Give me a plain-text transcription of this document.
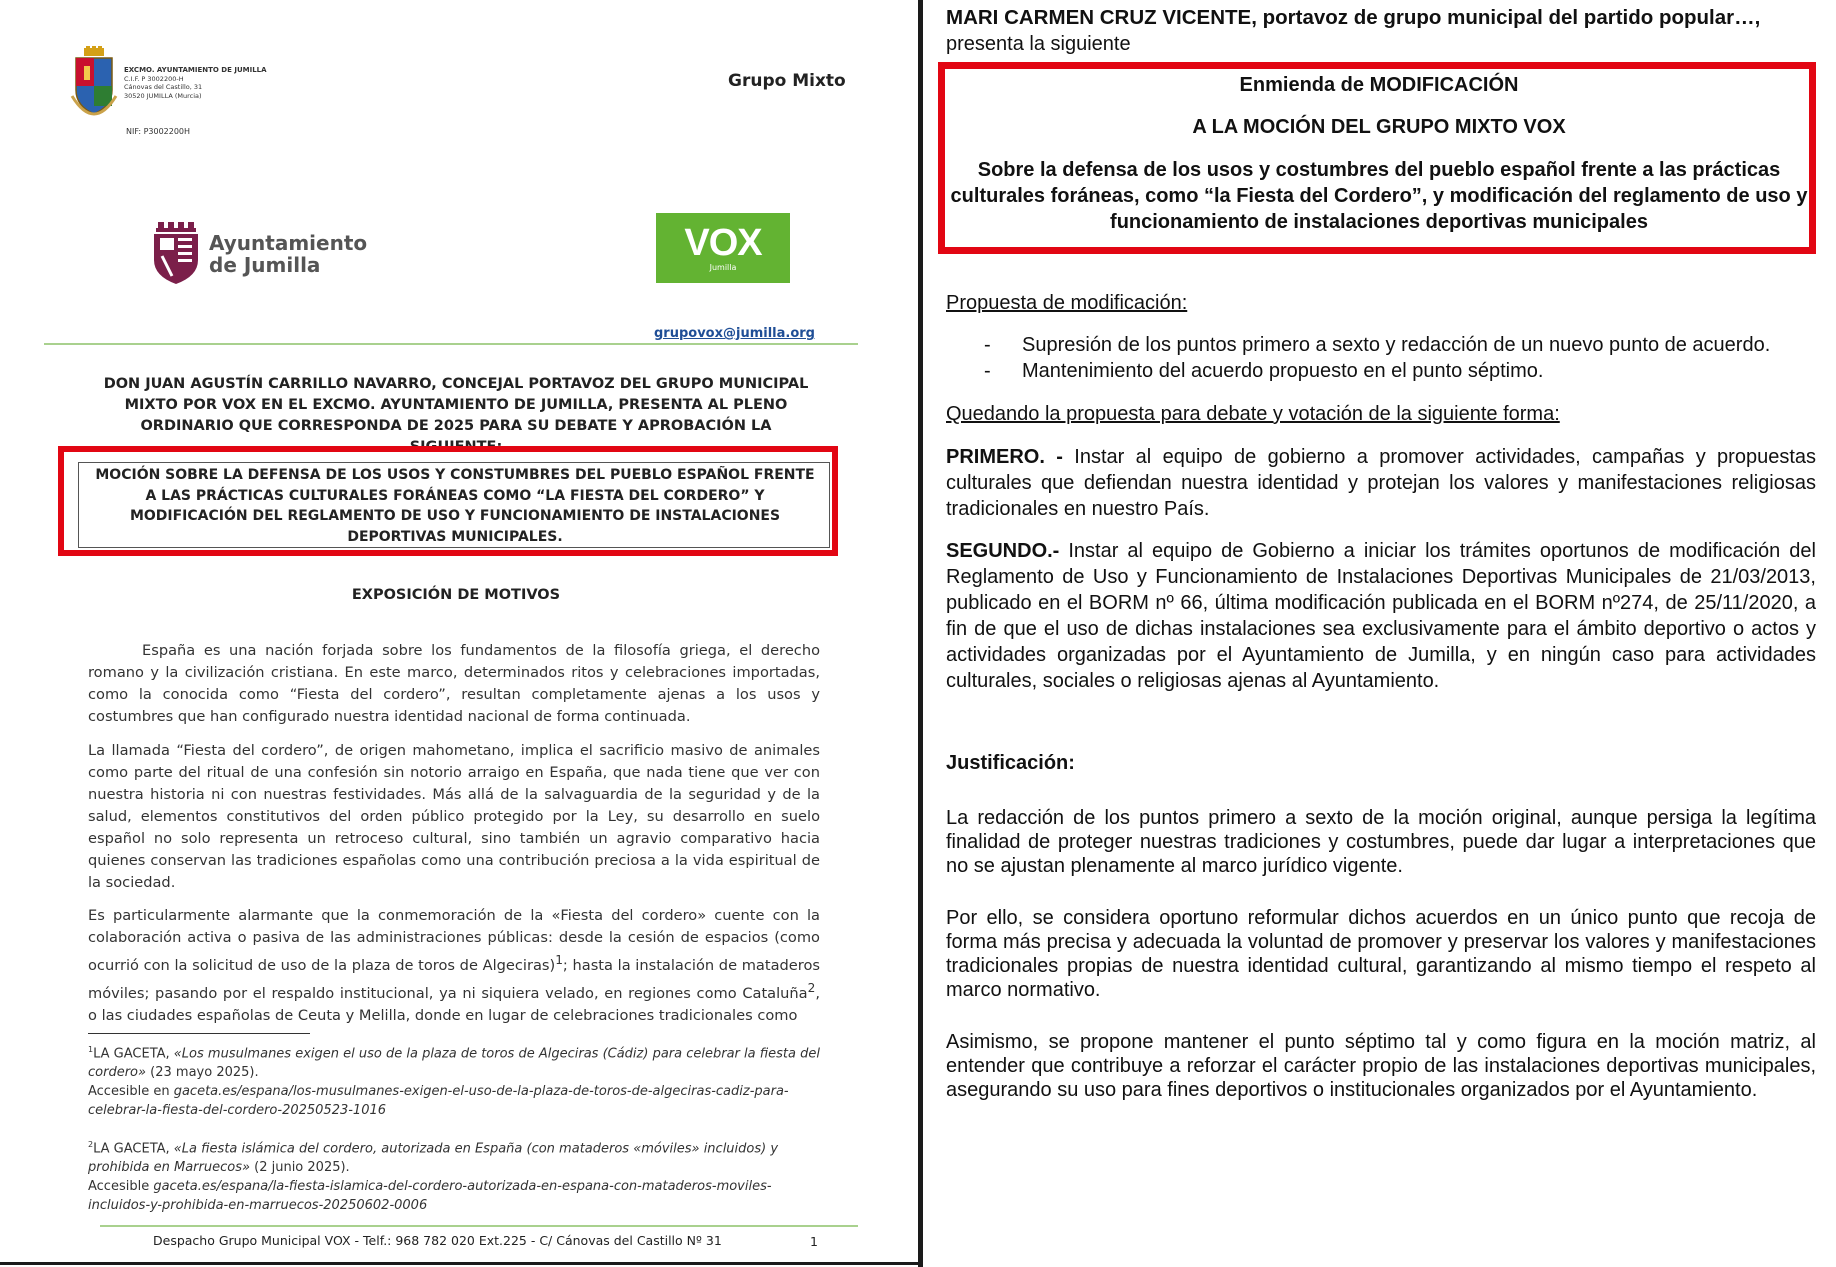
EXCMO. AYUNTAMIENTO DE JUMILLA
C.I.F. P 3002200-H
Cánovas del Castillo, 31
30520 JUMILLA (Murcia)
NIF: P3002200H
Grupo Mixto
Ayuntamiento
de Jumilla
VOX
Jumilla
grupovox@jumilla.org
DON JUAN AGUSTÍN CARRILLO NAVARRO, CONCEJAL PORTAVOZ DEL GRUPO MUNICIPAL MIXTO POR VOX EN EL EXCMO. AYUNTAMIENTO DE JUMILLA, PRESENTA AL PLENO ORDINARIO QUE CORRESPONDA DE 2025 PARA SU DEBATE Y APROBACIÓN LA SIGUIENTE:
MOCIÓN SOBRE LA DEFENSA DE LOS USOS Y CONSTUMBRES DEL PUEBLO ESPAÑOL FRENTE A LAS PRÁCTICAS CULTURALES FORÁNEAS COMO “LA FIESTA DEL CORDERO” Y MODIFICACIÓN DEL REGLAMENTO DE USO Y FUNCIONAMIENTO DE INSTALACIONES DEPORTIVAS MUNICIPALES.
EXPOSICIÓN DE MOTIVOS
España es una nación forjada sobre los fundamentos de la filosofía griega, el derecho romano y la civilización cristiana. En este marco, determinados ritos y celebraciones importadas, como la conocida como “Fiesta del cordero”, resultan completamente ajenas a los usos y costumbres que han configurado nuestra identidad nacional de forma continuada.
La llamada “Fiesta del cordero”, de origen mahometano, implica el sacrificio masivo de animales como parte del ritual de una confesión sin notorio arraigo en España, que nada tiene que ver con nuestra historia ni con nuestras festividades. Más allá de la salvaguardia de la seguridad y de la salud, elementos constitutivos del orden público protegido por la Ley, su desarrollo en suelo español no solo representa un retroceso cultural, sino también un agravio comparativo hacia quienes conservan las tradiciones españolas como una contribución preciosa a la vida espiritual de la sociedad.
Es particularmente alarmante que la conmemoración de la «Fiesta del cordero» cuente con la colaboración activa o pasiva de las administraciones públicas: desde la cesión de espacios (como ocurrió con la solicitud de uso de la plaza de toros de Algeciras)$^1$; hasta la instalación de mataderos móviles; pasando por el respaldo institucional, ya ni siquiera velado, en regiones como Cataluña$^2$, o las ciudades españolas de Ceuta y Melilla, donde en lugar de celebraciones tradicionales como
$^1$LA GACETA, «Los musulmanes exigen el uso de la plaza de toros de Algeciras (Cádiz) para celebrar la fiesta del cordero» (23 mayo 2025).
Accesible en gaceta.es/espana/los-musulmanes-exigen-el-uso-de-la-plaza-de-toros-de-algeciras-cadiz-para-celebrar-la-fiesta-del-cordero-20250523-1016
$^2$LA GACETA, «La fiesta islámica del cordero, autorizada en España (con mataderos «móviles» incluidos) y prohibida en Marruecos» (2 junio 2025).
Accesible gaceta.es/espana/la-fiesta-islamica-del-cordero-autorizada-en-espana-con-mataderos-moviles-incluidos-y-prohibida-en-marruecos-20250602-0006
Despacho Grupo Municipal VOX - Telf.: 968 782 020 Ext.225 - C/ Cánovas del Castillo Nº 31	1
MARI CARMEN CRUZ VICENTE, portavoz de grupo municipal del partido popular…,
presenta la siguiente
Enmienda de MODIFICACIÓN
A LA MOCIÓN DEL GRUPO MIXTO VOX
Sobre la defensa de los usos y costumbres del pueblo español frente a las prácticas culturales foráneas, como “la Fiesta del Cordero”, y modificación del reglamento de uso y funcionamiento de instalaciones deportivas municipales
Propuesta de modificación:
- Supresión de los puntos primero a sexto y redacción de un nuevo punto de acuerdo.
- Mantenimiento del acuerdo propuesto en el punto séptimo.
Quedando la propuesta para debate y votación de la siguiente forma:
PRIMERO. - Instar al equipo de gobierno a promover actividades, campañas y propuestas culturales que defiendan nuestra identidad y protejan los valores y manifestaciones religiosas tradicionales en nuestro País.
SEGUNDO.- Instar al equipo de Gobierno a iniciar los trámites oportunos de modificación del Reglamento de Uso y Funcionamiento de Instalaciones Deportivas Municipales de 21/03/2013, publicado en el BORM nº 66, última modificación publicada en el BORM nº274, de 25/11/2020, a fin de que el uso de dichas instalaciones sea exclusivamente para el ámbito deportivo o actos y actividades organizadas por el Ayuntamiento de Jumilla, y en ningún caso para actividades culturales, sociales o religiosas ajenas al Ayuntamiento.
Justificación:
La redacción de los puntos primero a sexto de la moción original, aunque persiga la legítima finalidad de proteger nuestras tradiciones y costumbres, puede dar lugar a interpretaciones que no se ajustan plenamente al marco jurídico vigente.
Por ello, se considera oportuno reformular dichos acuerdos en un único punto que recoja de forma más precisa y adecuada la voluntad de promover y preservar los valores y manifestaciones tradicionales propias de nuestra identidad cultural, garantizando al mismo tiempo el respeto al marco normativo.
Asimismo, se propone mantener el punto séptimo tal y como figura en la moción matriz, al entender que contribuye a reforzar el carácter propio de las instalaciones deportivas municipales, asegurando su uso para fines deportivos o institucionales organizados por el Ayuntamiento.
